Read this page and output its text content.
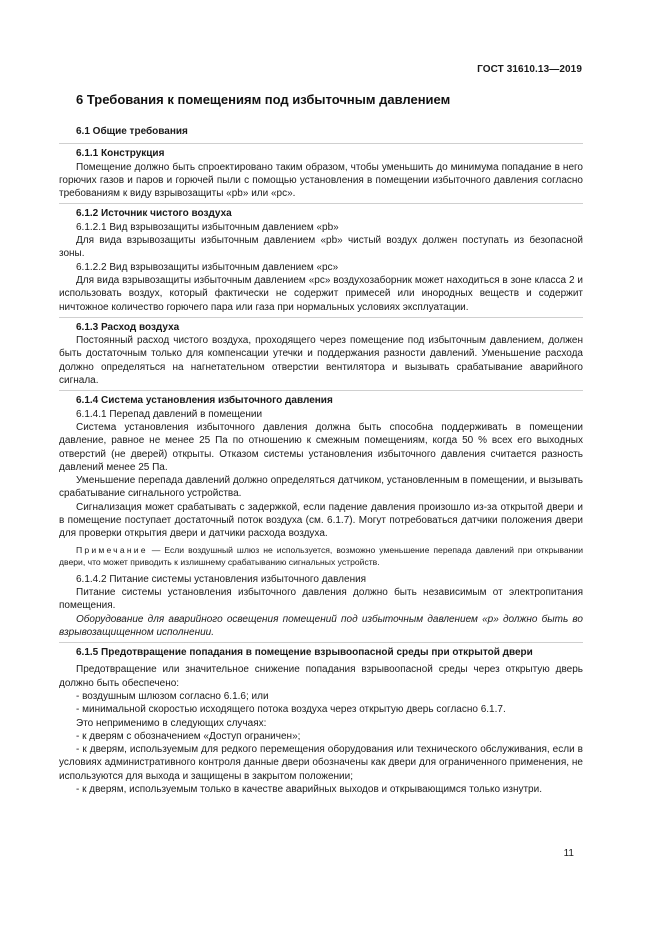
ГОСТ 31610.13—2019
6 Требования к помещениям под избыточным давлением
6.1 Общие требования
6.1.1 Конструкция

Помещение должно быть спроектировано таким образом, чтобы уменьшить до минимума попадание в него горючих газов и паров и горючей пыли с помощью установления в помещении избыточного давления согласно требованиям к виду взрывозащиты «pb» или «pc».

6.1.2 Источник чистого воздуха
6.1.2.1 Вид взрывозащиты избыточным давлением «pb»

Для вида взрывозащиты избыточным давлением «pb» чистый воздух должен поступать из безопасной зоны.

6.1.2.2 Вид взрывозащиты избыточным давлением «pc»

Для вида взрывозащиты избыточным давлением «pc» воздухозаборник может находиться в зоне класса 2 и использовать воздух, который фактически не содержит примесей или инородных веществ и содержит ничтожное количество горючего пара или газа при нормальных условиях эксплуатации.

6.1.3 Расход воздуха

Постоянный расход чистого воздуха, проходящего через помещение под избыточным давлением, должен быть достаточным только для компенсации утечки и поддержания разности давлений. Уменьшение расхода должно определяться на нагнетательном отверстии вентилятора и вызывать срабатывание аварийного сигнала.

6.1.4 Система установления избыточного давления
6.1.4.1 Перепад давлений в помещении

Система установления избыточного давления должна быть способна поддерживать в помещении давление, равное не менее 25 Па по отношению к смежным помещениям, когда 50 % всех его выходных отверстий (не дверей) открыты. Отказом системы установления избыточного давления считается разность давлений менее 25 Па.

Уменьшение перепада давлений должно определяться датчиком, установленным в помещении, и вызывать срабатывание сигнального устройства.

Сигнализация может срабатывать с задержкой, если падение давления произошло из-за открытой двери и в помещение поступает достаточный поток воздуха (см. 6.1.7). Могут потребоваться датчики положения двери для проверки открытия двери и датчики расхода воздуха.

Примечание — Если воздушный шлюз не используется, возможно уменьшение перепада давлений при открывании двери, что может приводить к излишнему срабатыванию сигнальных устройств.

6.1.4.2 Питание системы установления избыточного давления

Питание системы установления избыточного давления должно быть независимым от электропитания помещения.

Оборудование для аварийного освещения помещений под избыточным давлением «p» должно быть во взрывозащищенном исполнении.

6.1.5 Предотвращение попадания в помещение взрывоопасной среды при открытой двери

Предотвращение или значительное снижение попадания взрывоопасной среды через открытую дверь должно быть обеспечено:

- воздушным шлюзом согласно 6.1.6; или
- минимальной скоростью исходящего потока воздуха через открытую дверь согласно 6.1.7.

Это неприменимо в следующих случаях:

- к дверям с обозначением «Доступ ограничен»;

- к дверям, используемым для редкого перемещения оборудования или технического обслуживания, если в условиях административного контроля данные двери обозначены как двери для ограниченного применения, не используются для выхода и защищены в закрытом положении;

- к дверям, используемым только в качестве аварийных выходов и открывающимся только изнутри.

11
